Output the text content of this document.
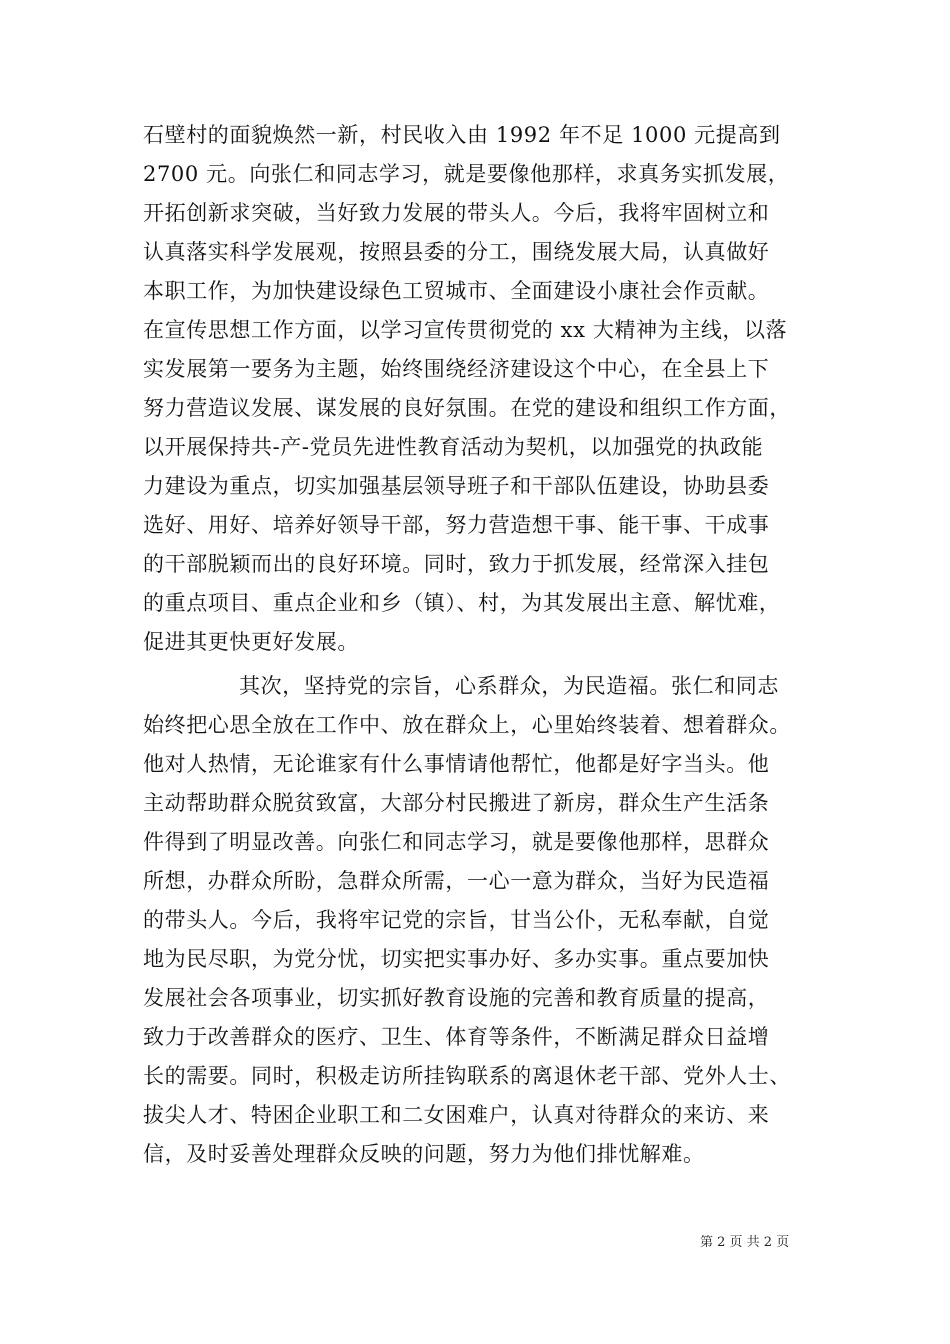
石壁村的面貌焕然一新，村民收入由 1992 年不足 1000 元提高到
2700 元。向张仁和同志学习，就是要像他那样，求真务实抓发展，
开拓创新求突破，当好致力发展的带头人。今后，我将牢固树立和
认真落实科学发展观，按照县委的分工，围绕发展大局，认真做好
本职工作，为加快建设绿色工贸城市、全面建设小康社会作贡献。
在宣传思想工作方面，以学习宣传贯彻党的 xx 大精神为主线，以落
实发展第一要务为主题，始终围绕经济建设这个中心，在全县上下
努力营造议发展、谋发展的良好氛围。在党的建设和组织工作方面，
以开展保持共-产-党员先进性教育活动为契机，以加强党的执政能
力建设为重点，切实加强基层领导班子和干部队伍建设，协助县委
选好、用好、培养好领导干部，努力营造想干事、能干事、干成事
的干部脱颖而出的良好环境。同时，致力于抓发展，经常深入挂包
的重点项目、重点企业和乡（镇）、村，为其发展出主意、解忧难，
促进其更快更好发展。
其次，坚持党的宗旨，心系群众，为民造福。张仁和同志
始终把心思全放在工作中、放在群众上，心里始终装着、想着群众。
他对人热情，无论谁家有什么事情请他帮忙，他都是好字当头。他
主动帮助群众脱贫致富，大部分村民搬进了新房，群众生产生活条
件得到了明显改善。向张仁和同志学习，就是要像他那样，思群众
所想，办群众所盼，急群众所需，一心一意为群众，当好为民造福
的带头人。今后，我将牢记党的宗旨，甘当公仆，无私奉献，自觉
地为民尽职，为党分忧，切实把实事办好、多办实事。重点要加快
发展社会各项事业，切实抓好教育设施的完善和教育质量的提高，
致力于改善群众的医疗、卫生、体育等条件，不断满足群众日益增
长的需要。同时，积极走访所挂钩联系的离退休老干部、党外人士、
拔尖人才、特困企业职工和二女困难户，认真对待群众的来访、来
信，及时妥善处理群众反映的问题，努力为他们排忧解难。
第 2 页 共 2 页
